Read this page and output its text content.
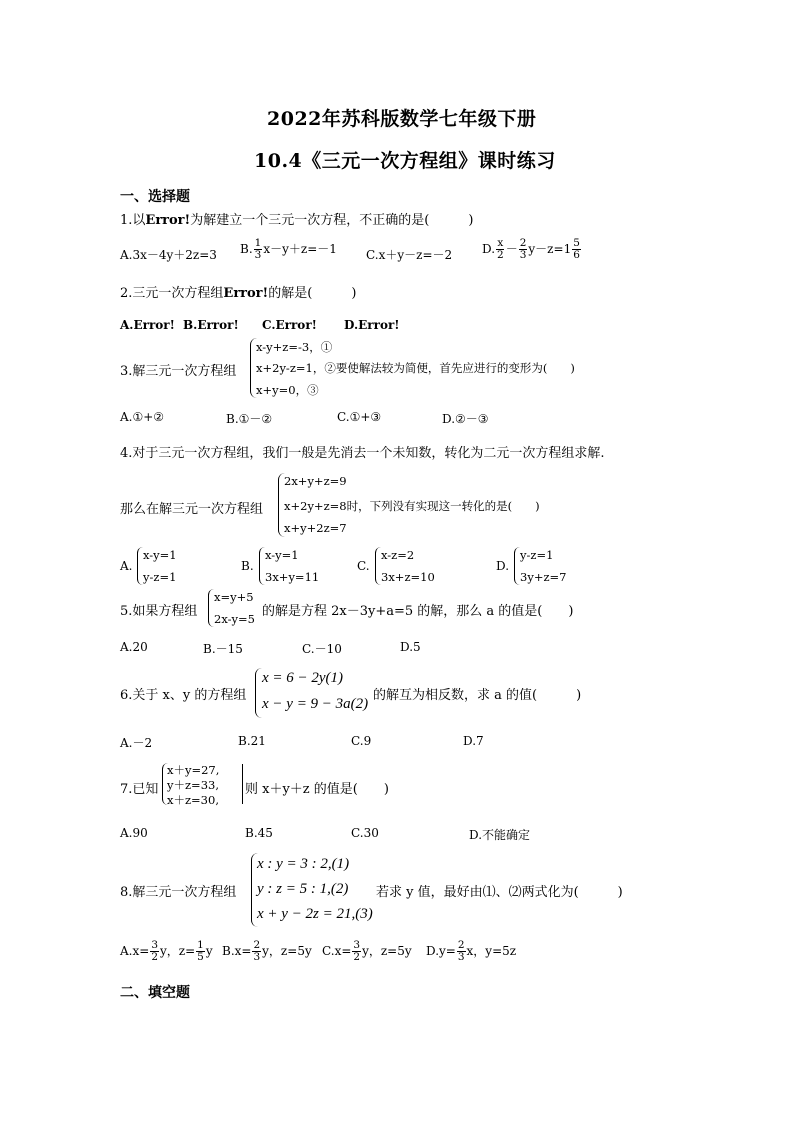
2022年苏科版数学七年级下册
10.4《三元一次方程组》课时练习
一、选择题
1.以Error!为解建立一个三元一次方程，不正确的是(　　　)
A.3x－4y＋2z=3 B. $\frac{1}{3} x-y+z=-1$ C.x＋y－z=－2 D. $\frac{x}{2} - \frac{2}{3} y-z=1 \frac{5}{6}$
2.三元一次方程组Error!的解是(　　　)
A.Error! B.Error! C.Error! D.Error!
3.解三元一次方程组
x-y+z=-3，①
x+2y-z=1，②要使解法较为简便，首先应进行的变形为(　　)
x+y=0，③
A.①+②	B.①－②	C.①+③	D.②－③
4.对于三元一次方程组，我们一般是先消去一个未知数，转化为二元一次方程组求解.
那么在解三元一次方程组
2x+y+z=9
x+2y+z=8时，下列没有实现这一转化的是(　　)
x+y+2z=7
A.
x-y=1
y-z=1
B.
x-y=1
3x+y=11
C.
x-z=2
3x+z=10
D.
y-z=1
3y+z=7
5.如果方程组
x=y+5
2x-y=5 的解是方程 2x－3y+a=5 的解，那么 a 的值是(　　)
A.20	B.－15	C.－10	D.5
6.关于 x、y 的方程组
x = 6 − 2y(1)
x − y = 9 − 3a(2)
的解互为相反数，求 a 的值(　　　)
A.－2	B.21	C.9	D.7
7.已知
x＋y=27,
y＋z=33,
x＋z=30,
则 x＋y＋z 的值是(　　)
A.90	B.45	C.30	D.不能确定
8.解三元一次方程组
x : y = 3 : 2,(1)
y : z = 5 : 1,(2)
x + y − 2z = 21,(3)
若求 y 值，最好由⑴、⑵两式化为(　　　)
$A.x= \frac{3}{2}$ y，$z= \frac{1}{5}$ y $B.x= \frac{2}{3}$ y，z=5y $C.x= \frac{3}{2}$ y，z=5y $D.y= \frac{2}{3}$ x，y=5z
二、填空题
